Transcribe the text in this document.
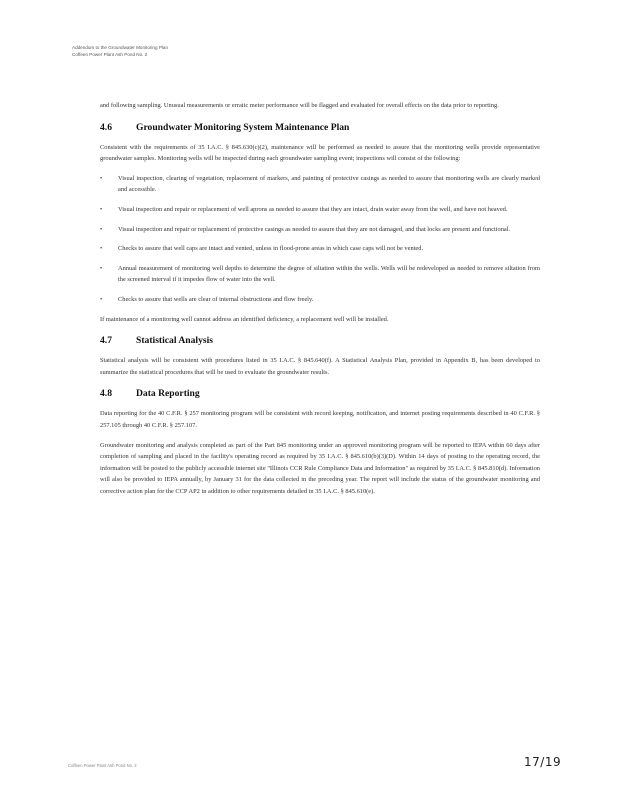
Addendum to the Groundwater Monitoring Plan
Coffeen Power Plant Ash Pond No. 2

and following sampling. Unusual measurements or erratic meter performance will be flagged and evaluated for overall effects on the data prior to reporting.

4.6	Groundwater Monitoring System Maintenance Plan

Consistent with the requirements of 35 I.A.C. § 845.630(c)(2), maintenance will be performed as needed to assure that the monitoring wells provide representative groundwater samples. Monitoring wells will be inspected during each groundwater sampling event; inspections will consist of the following:

• Visual inspection, clearing of vegetation, replacement of markers, and painting of protective casings as needed to assure that monitoring wells are clearly marked and accessible.
• Visual inspection and repair or replacement of well aprons as needed to assure that they are intact, drain water away from the well, and have not heaved.
• Visual inspection and repair or replacement of protective casings as needed to assure that they are not damaged, and that locks are present and functional.
• Checks to assure that well caps are intact and vented, unless in flood-prone areas in which case caps will not be vented.
• Annual measurement of monitoring well depths to determine the degree of siltation within the wells. Wells will be redeveloped as needed to remove siltation from the screened interval if it impedes flow of water into the well.
• Checks to assure that wells are clear of internal obstructions and flow freely.

If maintenance of a monitoring well cannot address an identified deficiency, a replacement well will be installed.

4.7	Statistical Analysis

Statistical analysis will be consistent with procedures listed in 35 I.A.C. § 845.640(f). A Statistical Analysis Plan, provided in Appendix B, has been developed to summarize the statistical procedures that will be used to evaluate the groundwater results.

4.8	Data Reporting

Data reporting for the 40 C.F.R. § 257 monitoring program will be consistent with record keeping, notification, and internet posting requirements described in 40 C.F.R. § 257.105 through 40 C.F.R. § 257.107.

Groundwater monitoring and analysis completed as part of the Part 845 monitoring under an approved monitoring program will be reported to IEPA within 60 days after completion of sampling and placed in the facility's operating record as required by 35 I.A.C. § 845.610(b)(3)(D). Within 14 days of posting to the operating record, the information will be posted to the publicly accessible internet site "Illinois CCR Rule Compliance Data and Information" as required by 35 I.A.C. § 845.810(d). Information will also be provided to IEPA annually, by January 31 for the data collected in the preceding year. The report will include the status of the groundwater monitoring and corrective action plan for the CCP AP2 in addition to other requirements detailed in 35 I.A.C. § 845.610(e).

Coffeen Power Plant Ash Pond No. 2	17/19
